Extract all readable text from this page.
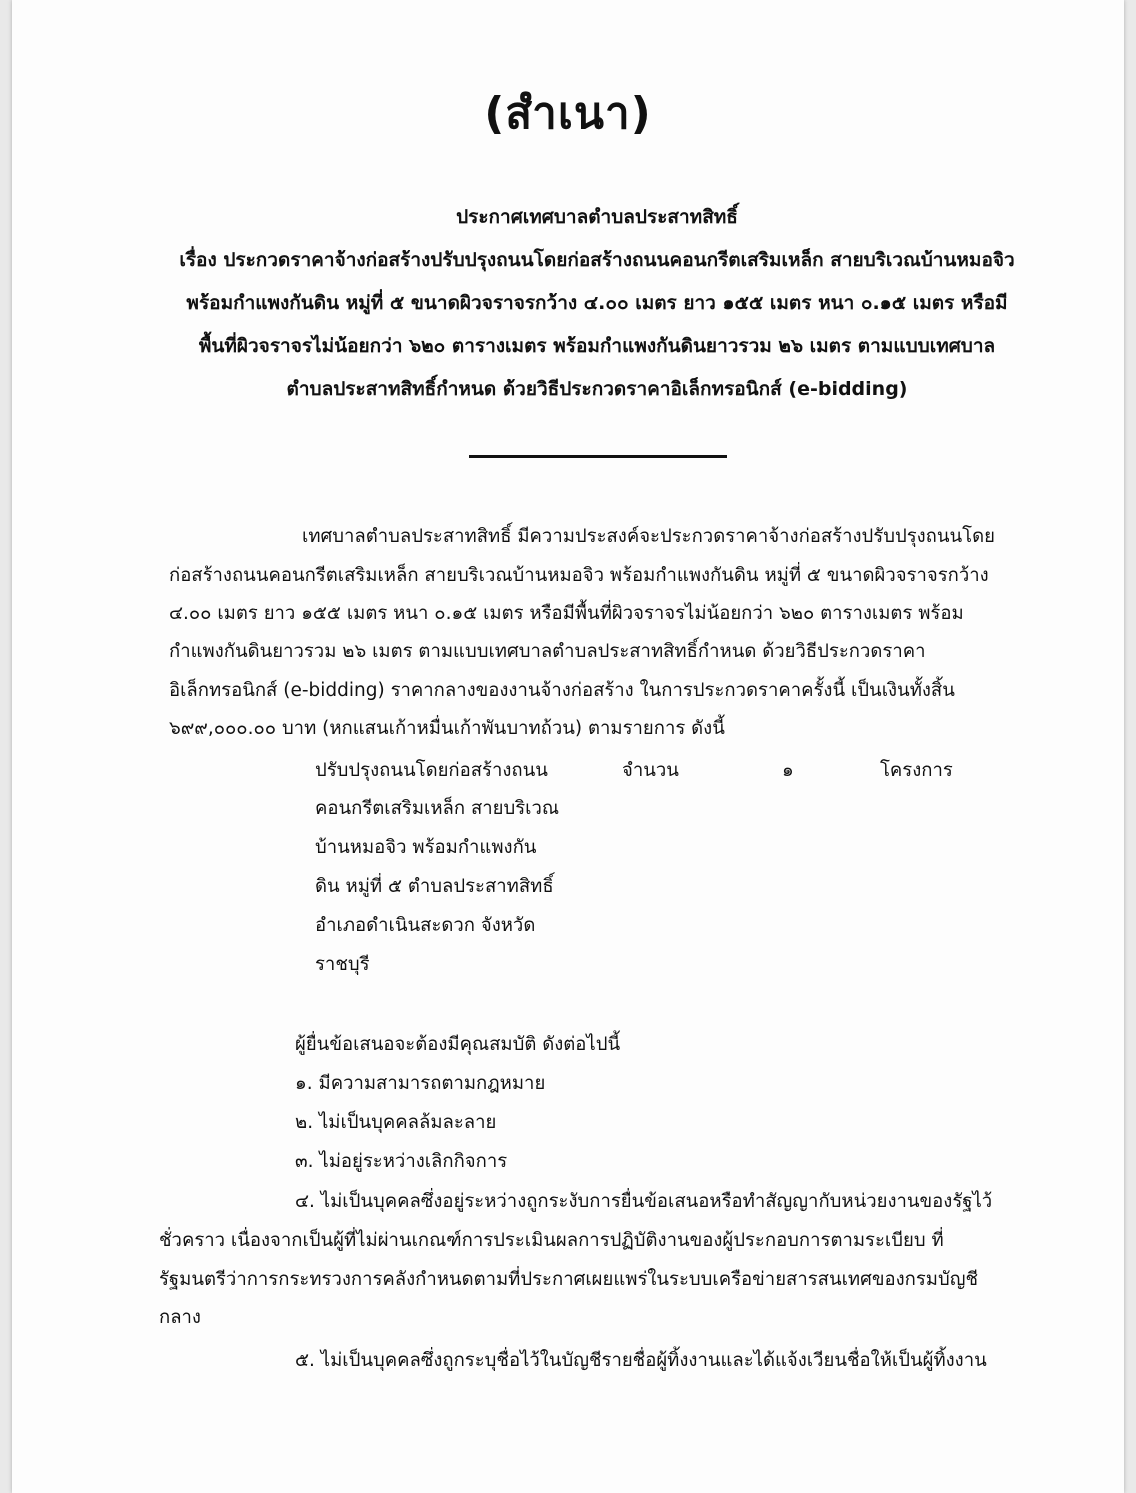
(สำเนา)
ประกาศเทศบาลตำบลประสาทสิทธิ์
เรื่อง ประกวดราคาจ้างก่อสร้างปรับปรุงถนนโดยก่อสร้างถนนคอนกรีตเสริมเหล็ก สายบริเวณบ้านหมอจิว
พร้อมกำแพงกันดิน หมู่ที่ ๕ ขนาดผิวจราจรกว้าง ๔.๐๐ เมตร ยาว ๑๕๕ เมตร หนา ๐.๑๕ เมตร หรือมี
พื้นที่ผิวจราจรไม่น้อยกว่า ๖๒๐ ตารางเมตร พร้อมกำแพงกันดินยาวรวม ๒๖ เมตร ตามแบบเทศบาล
ตำบลประสาทสิทธิ์กำหนด ด้วยวิธีประกวดราคาอิเล็กทรอนิกส์ (e-bidding)
เทศบาลตำบลประสาทสิทธิ์ มีความประสงค์จะประกวดราคาจ้างก่อสร้างปรับปรุงถนนโดย
ก่อสร้างถนนคอนกรีตเสริมเหล็ก สายบริเวณบ้านหมอจิว พร้อมกำแพงกันดิน หมู่ที่ ๕ ขนาดผิวจราจรกว้าง
๔.๐๐ เมตร ยาว ๑๕๕ เมตร หนา ๐.๑๕ เมตร หรือมีพื้นที่ผิวจราจรไม่น้อยกว่า ๖๒๐ ตารางเมตร พร้อม
กำแพงกันดินยาวรวม ๒๖ เมตร ตามแบบเทศบาลตำบลประสาทสิทธิ์กำหนด ด้วยวิธีประกวดราคา
อิเล็กทรอนิกส์ (e-bidding) ราคากลางของงานจ้างก่อสร้าง ในการประกวดราคาครั้งนี้ เป็นเงินทั้งสิ้น
๖๙๙,๐๐๐.๐๐ บาท (หกแสนเก้าหมื่นเก้าพันบาทถ้วน) ตามรายการ ดังนี้
ปรับปรุงถนนโดยก่อสร้างถนน
คอนกรีตเสริมเหล็ก สายบริเวณ
บ้านหมอจิว พร้อมกำแพงกัน
ดิน หมู่ที่ ๕ ตำบลประสาทสิทธิ์
อำเภอดำเนินสะดวก จังหวัด
ราชบุรี
จำนวน	๑	โครงการ
ผู้ยื่นข้อเสนอจะต้องมีคุณสมบัติ ดังต่อไปนี้
๑. มีความสามารถตามกฎหมาย
๒. ไม่เป็นบุคคลล้มละลาย
๓. ไม่อยู่ระหว่างเลิกกิจการ
๔. ไม่เป็นบุคคลซึ่งอยู่ระหว่างถูกระงับการยื่นข้อเสนอหรือทำสัญญากับหน่วยงานของรัฐไว้
ชั่วคราว เนื่องจากเป็นผู้ที่ไม่ผ่านเกณฑ์การประเมินผลการปฏิบัติงานของผู้ประกอบการตามระเบียบ ที่
รัฐมนตรีว่าการกระทรวงการคลังกำหนดตามที่ประกาศเผยแพร่ในระบบเครือข่ายสารสนเทศของกรมบัญชี
กลาง
๕. ไม่เป็นบุคคลซึ่งถูกระบุชื่อไว้ในบัญชีรายชื่อผู้ทิ้งงานและได้แจ้งเวียนชื่อให้เป็นผู้ทิ้งงาน
